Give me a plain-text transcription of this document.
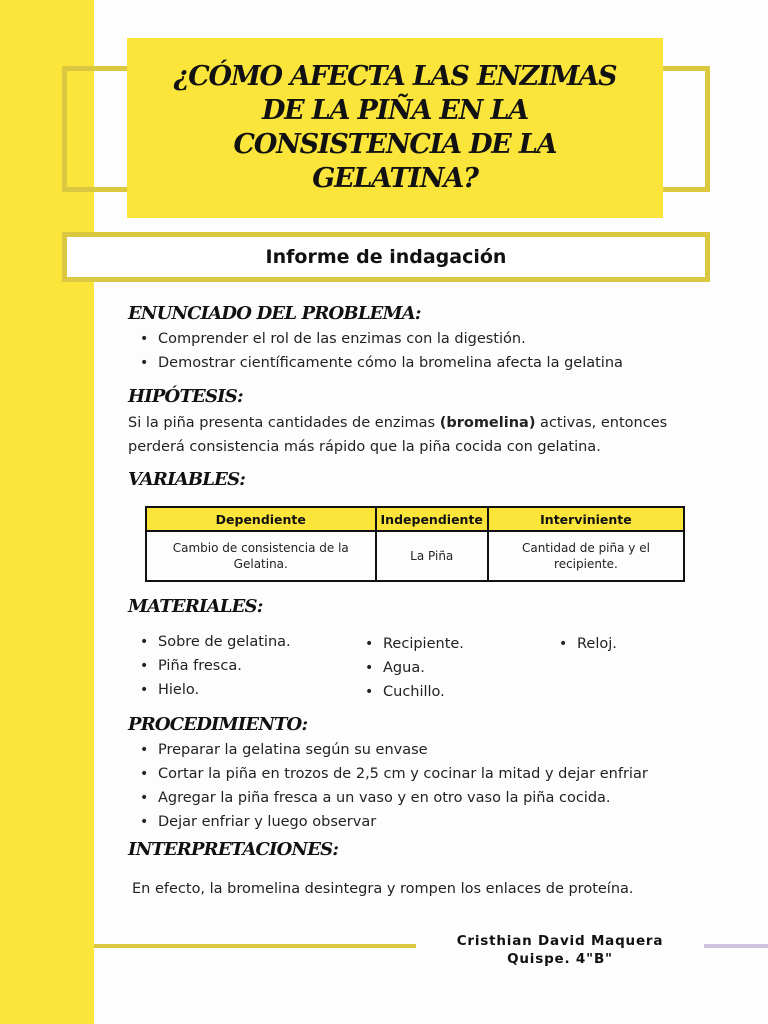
¿CÓMO AFECTA LAS ENZIMAS
DE LA PIÑA EN LA
CONSISTENCIA DE LA
GELATINA?
Informe de indagación
ENUNCIADO DEL PROBLEMA:
• Comprender el rol de las enzimas con la digestión.
• Demostrar científicamente cómo la bromelina afecta la gelatina
HIPÓTESIS:
Si la piña presenta cantidades de enzimas (bromelina) activas, entonces perderá consistencia más rápido que la piña cocida con gelatina.
VARIABLES:
Dependiente	Independiente	Interviniente
Cambio de consistencia de la Gelatina.	La Piña	Cantidad de piña y el recipiente.
MATERIALES:
• Sobre de gelatina.
• Piña fresca.
• Hielo.
• Recipiente.
• Agua.
• Cuchillo.
• Reloj.
PROCEDIMIENTO:
• Preparar la gelatina según su envase
• Cortar la piña en trozos de 2,5 cm y cocinar la mitad y dejar enfriar
• Agregar la piña fresca a un vaso y en otro vaso la piña cocida.
• Dejar enfriar y luego observar
INTERPRETACIONES:
En efecto, la bromelina desintegra y rompen los enlaces de proteína.
Cristhian David Maquera
Quispe. 4"B"
